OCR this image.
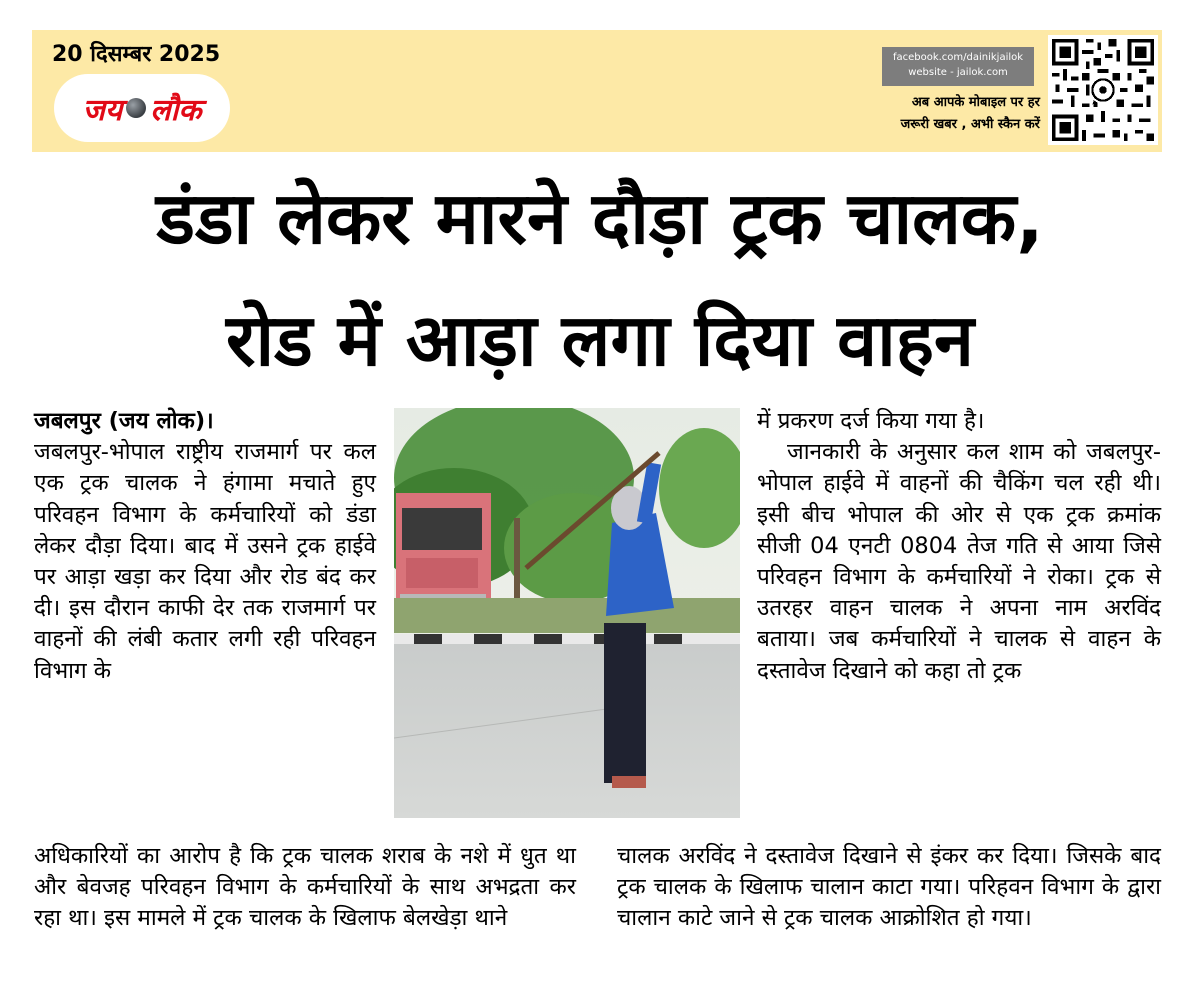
20 दिसम्बर 2025
जय लौक
facebook.com/dainikjailok
website - jailok.com
अब आपके मोबाइल पर हर
जरूरी खबर , अभी स्कैन करें
डंडा लेकर मारने दौड़ा ट्रक चालक,
रोड में आड़ा लगा दिया वाहन

जबलपुर (जय लोक)।

जबलपुर-भोपाल राष्ट्रीय राजमार्ग पर कल एक ट्रक चालक ने हंगामा मचाते हुए परिवहन विभाग के कर्मचारियों को डंडा लेकर दौड़ा दिया। बाद में उसने ट्रक हाईवे पर आड़ा खड़ा कर दिया और रोड बंद कर दी। इस दौरान काफी देर तक राजमार्ग पर वाहनों की लंबी कतार लगी रही परिवहन विभाग के

में प्रकरण दर्ज किया गया है।

जानकारी के अनुसार कल शाम को जबलपुर-भोपाल हाईवे में वाहनों की चैकिंग चल रही थी। इसी बीच भोपाल की ओर से एक ट्रक क्रमांक सीजी 04 एनटी 0804 तेज गति से आया जिसे परिवहन विभाग के कर्मचारियों ने रोका। ट्रक से उतरहर वाहन चालक ने अपना नाम अरविंद बताया। जब कर्मचारियों ने चालक से वाहन के दस्तावेज दिखाने को कहा तो ट्रक

अधिकारियों का आरोप है कि ट्रक चालक शराब के नशे में धुत था और बेवजह परिवहन विभाग के कर्मचारियों के साथ अभद्रता कर रहा था। इस मामले में ट्रक चालक के खिलाफ बेलखेड़ा थाने

चालक अरविंद ने दस्तावेज दिखाने से इंकर कर दिया। जिसके बाद ट्रक चालक के खिलाफ चालान काटा गया। परिहवन विभाग के द्वारा चालान काटे जाने से ट्रक चालक आक्रोशित हो गया।
